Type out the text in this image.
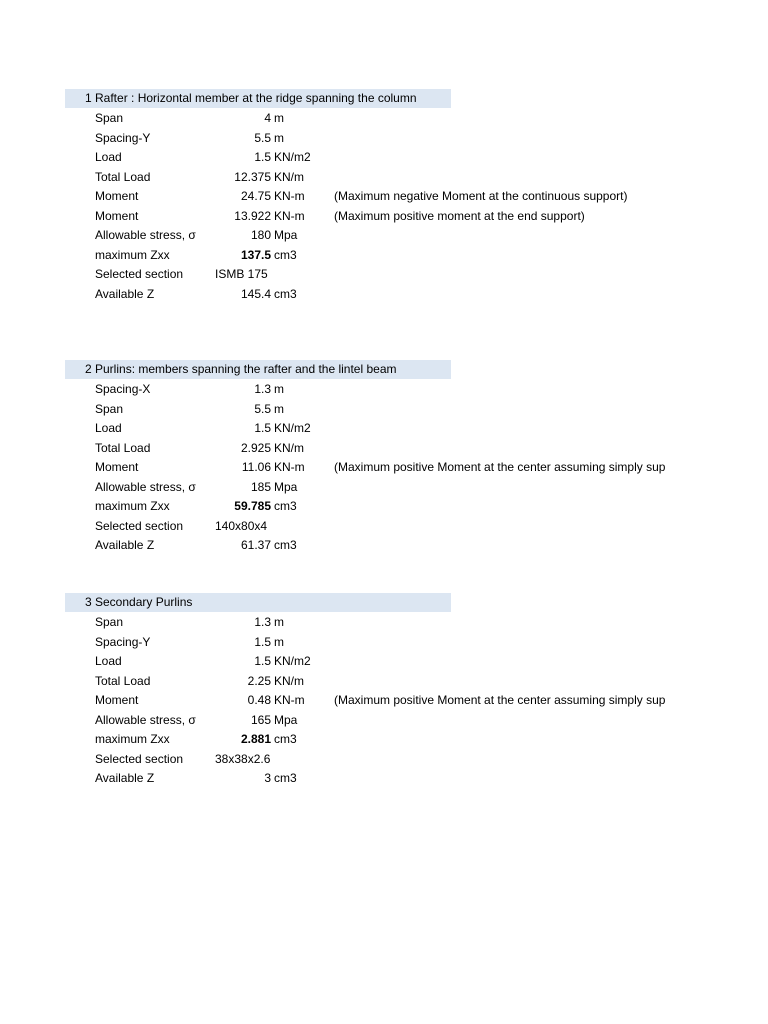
1 Rafter : Horizontal member at the ridge spanning the column
Span	4 m
Spacing-Y	5.5 m
Load	1.5 KN/m2
Total Load	12.375 KN/m
Moment	24.75 KN-m (Maximum negative Moment at the continuous support)
Moment	13.922 KN-m (Maximum positive moment at the end support)
Allowable stress, σ	180 Mpa
maximum Zxx	137.5 cm3
Selected section	ISMB 175
Available Z	145.4 cm3
2 Purlins: members spanning the rafter and the lintel beam
Spacing-X	1.3 m
Span	5.5 m
Load	1.5 KN/m2
Total Load	2.925 KN/m
Moment	11.06 KN-m (Maximum positive Moment at the center assuming simply sup
Allowable stress, σ	185 Mpa
maximum Zxx	59.785 cm3
Selected section	140x80x4
Available Z	61.37 cm3
3 Secondary Purlins
Span	1.3 m
Spacing-Y	1.5 m
Load	1.5 KN/m2
Total Load	2.25 KN/m
Moment	0.48 KN-m (Maximum positive Moment at the center assuming simply sup
Allowable stress, σ	165 Mpa
maximum Zxx	2.881 cm3
Selected section	38x38x2.6
Available Z	3 cm3
